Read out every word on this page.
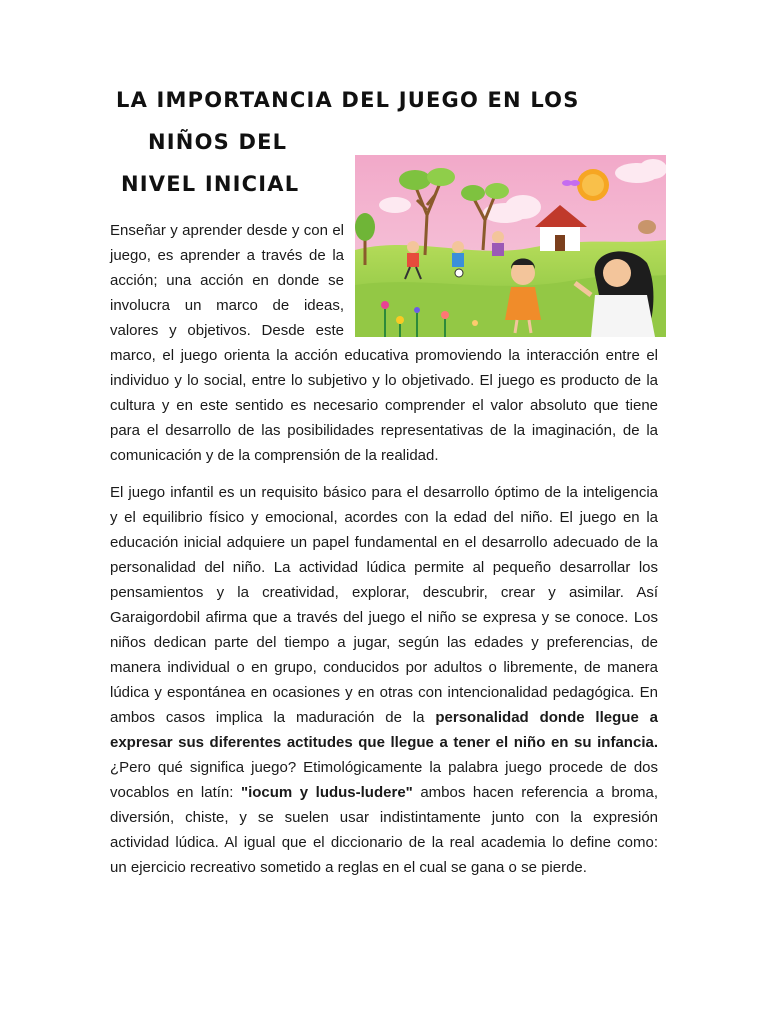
LA IMPORTANCIA DEL JUEGO EN LOS
NIÑOS DEL
NIVEL INICIAL
Enseñar y aprender desde y con el
juego, es aprender a través de la
acción; una acción en donde se
involucra un marco de ideas,
valores y objetivos. Desde este
marco, el juego orienta la acción educativa promoviendo la interacción entre el
individuo y lo social, entre lo subjetivo y lo objetivado. El juego es producto de la
cultura y en este sentido es necesario comprender el valor absoluto que tiene
para el desarrollo de las posibilidades representativas de la imaginación, de la
comunicación y de la comprensión de la realidad.
El juego infantil es un requisito básico para el desarrollo óptimo de la inteligencia
y el equilibrio físico y emocional, acordes con la edad del niño. El juego en la
educación inicial adquiere un papel fundamental en el desarrollo adecuado de la
personalidad del niño. La actividad lúdica permite al pequeño desarrollar los
pensamientos y la creatividad, explorar, descubrir, crear y asimilar. Así
Garaigordobil afirma que a través del juego el niño se expresa y se conoce. Los
niños dedican parte del tiempo a jugar, según las edades y preferencias, de
manera individual o en grupo, conducidos por adultos o libremente, de manera
lúdica y espontánea en ocasiones y en otras con intencionalidad pedagógica. En
ambos casos implica la maduración de la personalidad donde llegue a
expresar sus diferentes actitudes que llegue a tener el niño en su infancia.
¿Pero qué significa juego? Etimológicamente la palabra juego procede de dos
vocablos en latín: "iocum y ludus-ludere" ambos hacen referencia a broma,
diversión, chiste, y se suelen usar indistintamente junto con la expresión
actividad lúdica. Al igual que el diccionario de la real academia lo define como:
un ejercicio recreativo sometido a reglas en el cual se gana o se pierde.
